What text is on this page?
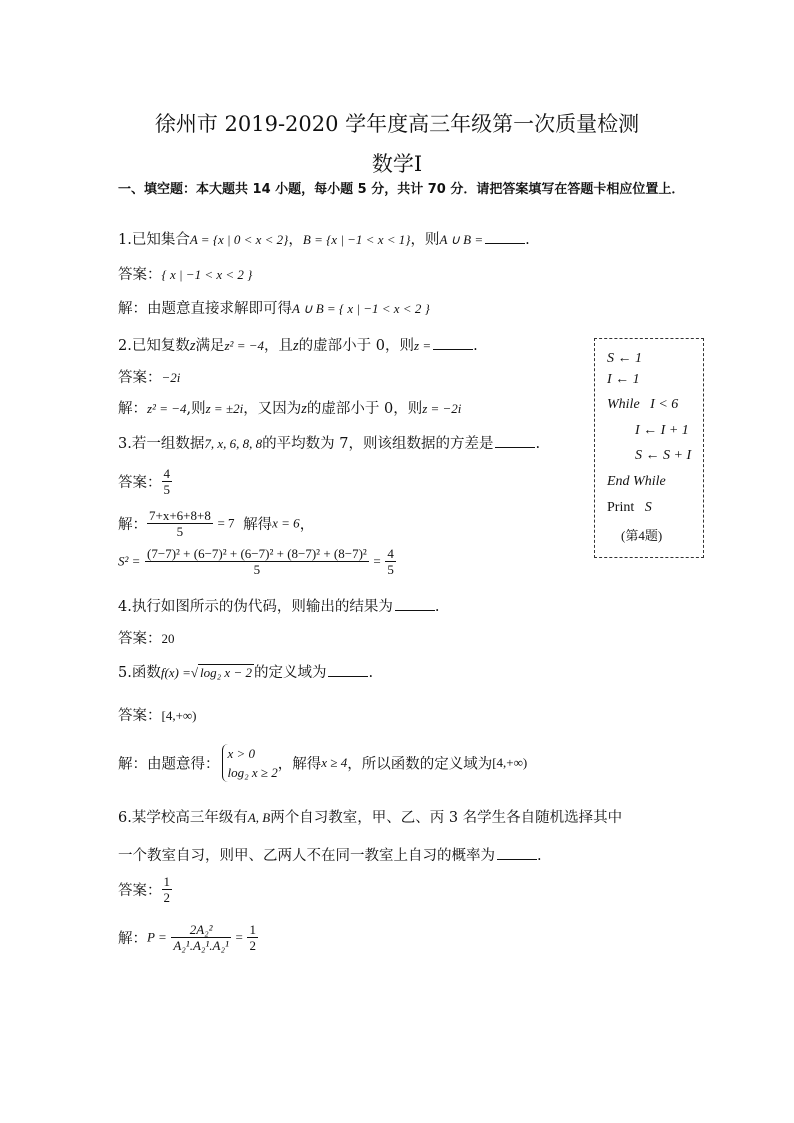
徐州市 2019-2020 学年度高三年级第一次质量检测
数学Ⅰ
一、填空题：本大题共 14 小题，每小题 5 分，共计 70 分．请把答案填写在答题卡相应位置上．
1.已知集合A = {x | 0 < x < 2}，B = {x | −1 < x < 1}，则A ∪ B =	.
答案：{ x | −1 < x < 2 }
解：由题意直接求解即可得A ∪ B = { x | −1 < x < 2 }
2.已知复数z满足z² = −4，且z的虚部小于 0，则z =	.
答案：−2i
解：z² = −4,则z = ±2i，又因为z的虚部小于 0，则z = −2i
3.若一组数据7, x, 6, 8, 8的平均数为 7，则该组数据的方差是	.
答案： $\frac{4}{5}$
解： $\frac{7+x+6+8+8}{5} = 7$ 解得x = 6，
$S^2 = \frac{\text{(7−7)² + (6−7)² + (6−7)² + (8−7)² + (8−7)²}}{5} = \frac{4}{5}$
S ← 1
I ← 1
While I < 6
I ← I + 1
S ← S + I
End While
Print S
(第4题)
4.执行如图所示的伪代码，则输出的结果为	.
答案：20
5.函数f(x) =√ log₂ x − 2 的定义域为	.
答案：[4,+∞)
解：由题意得：
x > 0
log₂ x ≥ 2 ，解得x ≥ 4，所以函数的定义域为[4,+∞)
6.某学校高三年级有A, B两个自习教室，甲、乙、丙 3 名学生各自随机选择其中
一个教室自习，则甲、乙两人不在同一教室上自习的概率为	.
答案： $\frac{1}{2}$
解：$P = \frac{\text{2A₂²}}{\text{A₂¹.A₂¹.A₂¹}} = \frac{1}{2}$
